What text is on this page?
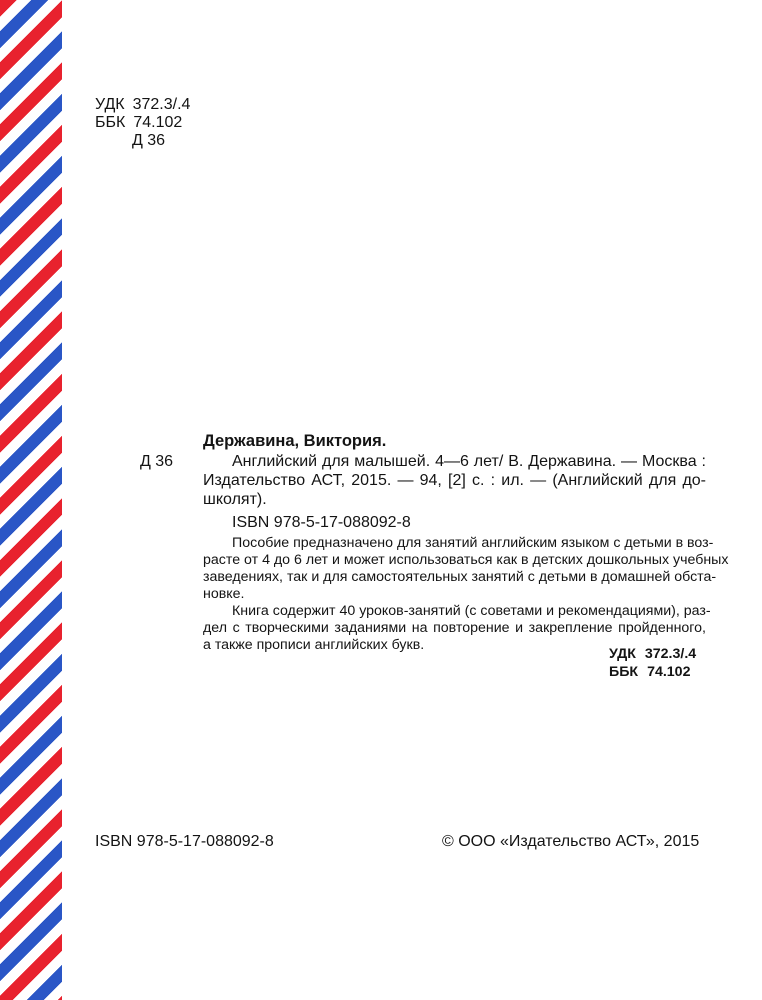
УДК 372.3/.4
ББК 74.102
Д 36
Державина, Виктория.
Д 36	Английский для малышей. 4—6 лет/ В. Державина. — Москва :
Издательство АСТ, 2015. — 94, [2] с. : ил. — (Английский для до-
школят).
ISBN 978-5-17-088092-8
Пособие предназначено для занятий английским языком с детьми в воз-
расте от 4 до 6 лет и может использоваться как в детских дошкольных учебных
заведениях, так и для самостоятельных занятий с детьми в домашней обста-
новке.
Книга содержит 40 уроков-занятий (с советами и рекомендациями), раз-
дел с творческими заданиями на повторение и закрепление пройденного,
а также прописи английских букв.
УДК 372.3/.4
ББК 74.102
ISBN 978-5-17-088092-8	© ООО «Издательство АСТ», 2015
